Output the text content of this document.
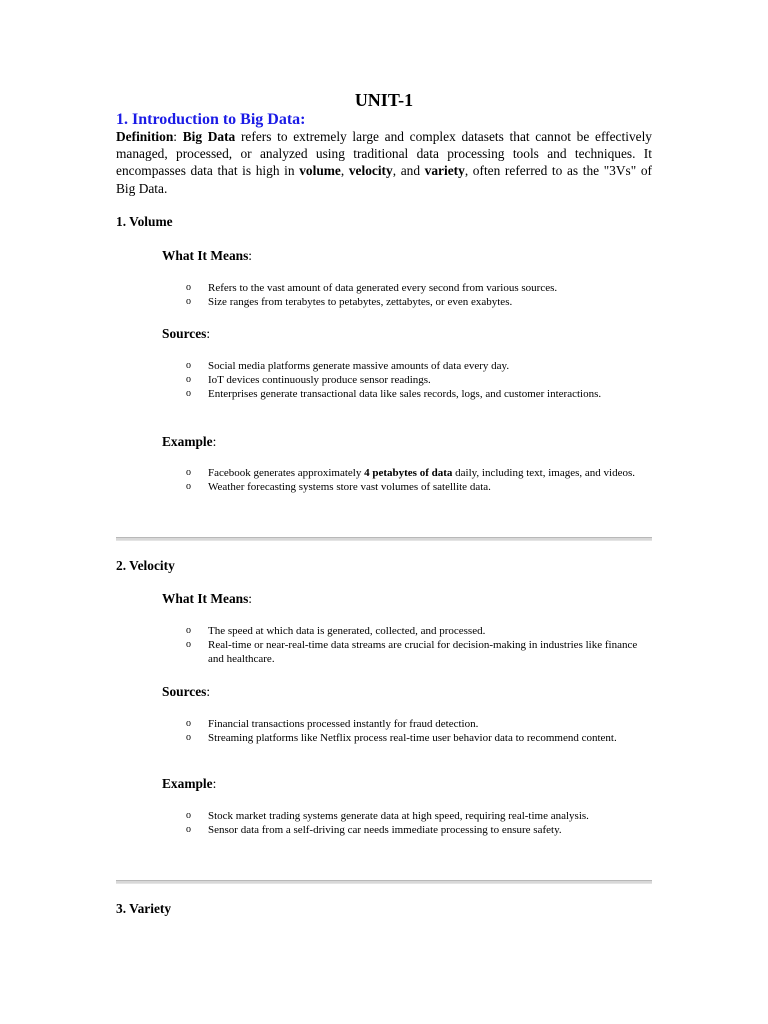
UNIT-1
1. Introduction to Big Data:

Definition: Big Data refers to extremely large and complex datasets that cannot be effectively managed, processed, or analyzed using traditional data processing tools and techniques. It encompasses data that is high in volume, velocity, and variety, often referred to as the "3Vs" of Big Data.

1. Volume
What It Means:
o Refers to the vast amount of data generated every second from various sources.
o Size ranges from terabytes to petabytes, zettabytes, or even exabytes.
Sources:
o Social media platforms generate massive amounts of data every day.
o IoT devices continuously produce sensor readings.
o Enterprises generate transactional data like sales records, logs, and customer interactions.
Example:
o Facebook generates approximately 4 petabytes of data daily, including text, images, and videos.
o Weather forecasting systems store vast volumes of satellite data.
2. Velocity
What It Means:
o The speed at which data is generated, collected, and processed.
o Real-time or near-real-time data streams are crucial for decision-making in industries like finance and healthcare.
Sources:
o Financial transactions processed instantly for fraud detection.
o Streaming platforms like Netflix process real-time user behavior data to recommend content.
Example:
o Stock market trading systems generate data at high speed, requiring real-time analysis.
o Sensor data from a self-driving car needs immediate processing to ensure safety.
3. Variety
